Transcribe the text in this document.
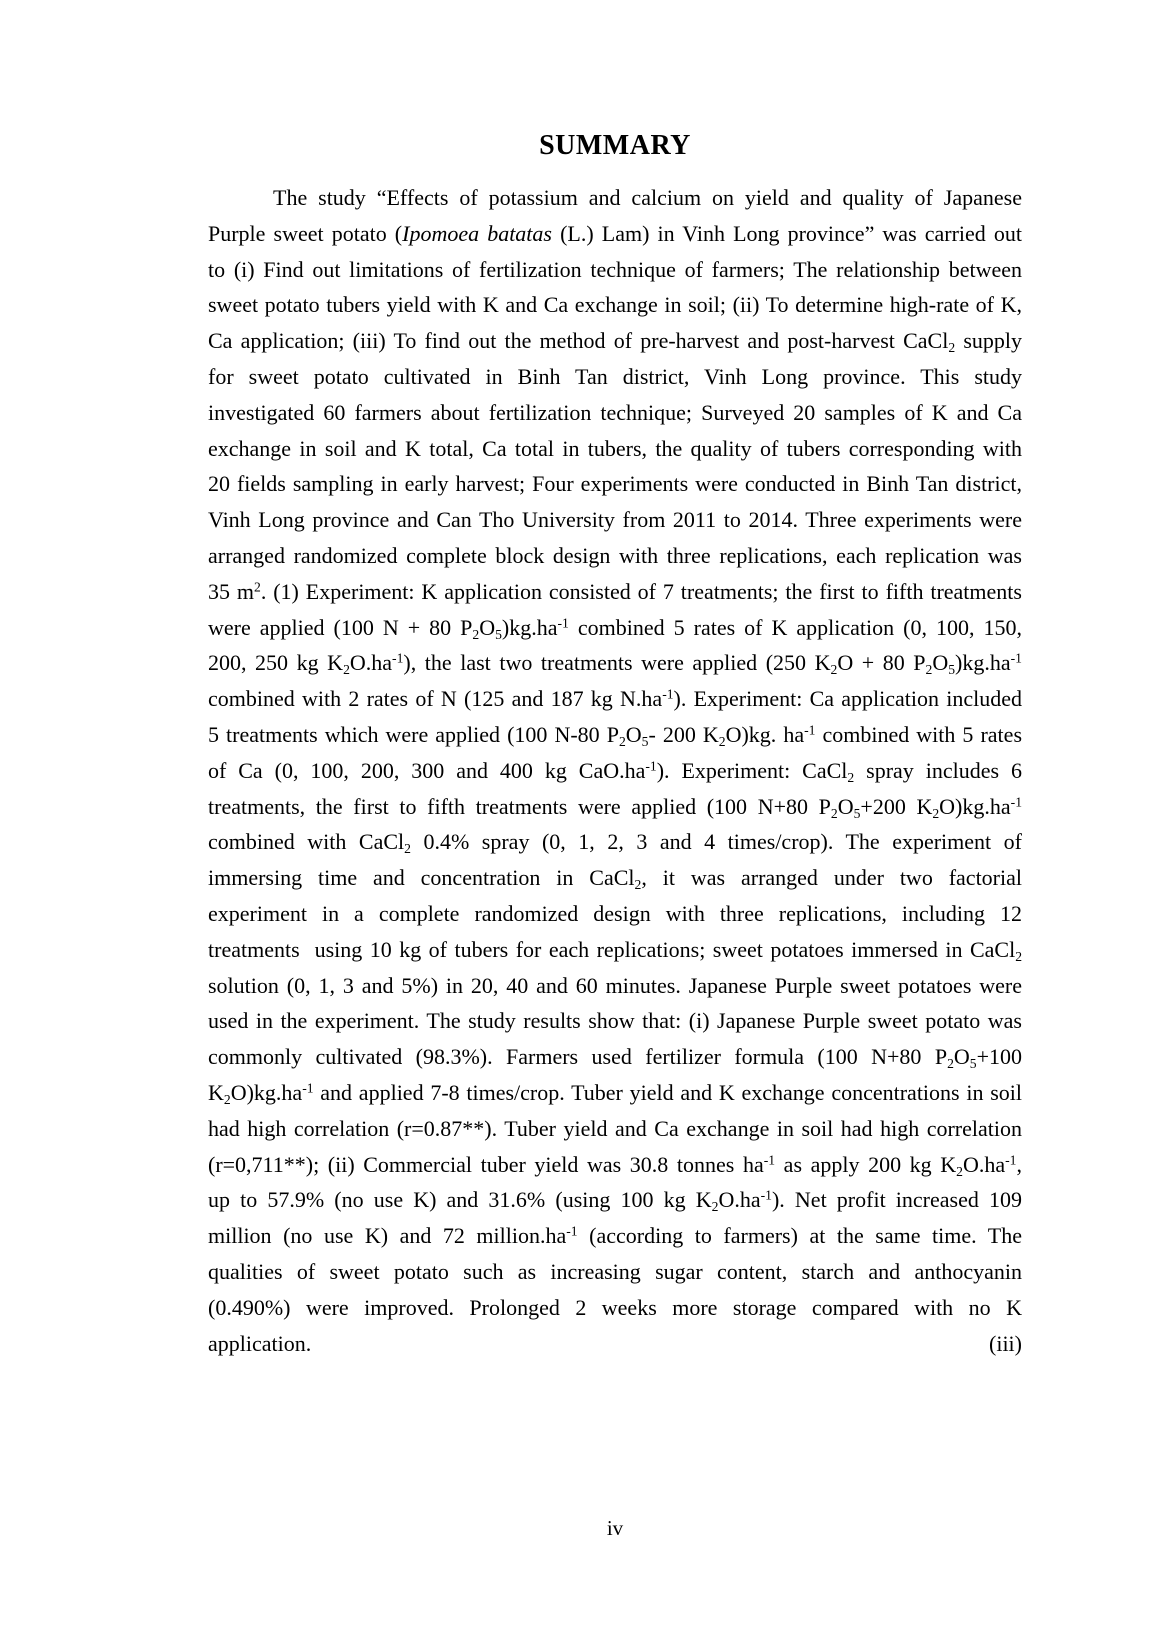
SUMMARY

The study “Effects of potassium and calcium on yield and quality of Japanese Purple sweet potato (Ipomoea batatas (L.) Lam) in Vinh Long province” was carried out to (i) Find out limitations of fertilization technique of farmers; The relationship between sweet potato tubers yield with K and Ca exchange in soil; (ii) To determine high-rate of K, Ca application; (iii) To find out the method of pre-harvest and post-harvest CaCl$_2$ supply for sweet potato cultivated in Binh Tan district, Vinh Long province. This study investigated 60 farmers about fertilization technique; Surveyed 20 samples of K and Ca exchange in soil and K total, Ca total in tubers, the quality of tubers corresponding with 20 fields sampling in early harvest; Four experiments were conducted in Binh Tan district, Vinh Long province and Can Tho University from 2011 to 2014. Three experiments were arranged randomized complete block design with three replications, each replication was 35 $m^2$. (1) Experiment: K application consisted of 7 treatments; the first to fifth treatments were applied (100 N + 80 $P_2O_5)kg.ha^{-1}$ combined 5 rates of K application (0, 100, 150, 200, 250 kg $K_2O.ha^{-1}$), the last two treatments were applied (250 $K_2O + 80$ $P_2O_5)kg.ha^{-1}$ combined with 2 rates of N (125 and 187 kg $N.ha^{-1}$). Experiment: Ca application included 5 treatments which were applied (100 N-80 $P_2O_5-$ 200 $K_2O)kg$. $ha^{-1}$ combined with 5 rates of Ca (0, 100, 200, 300 and 400 kg $CaO.ha^{-1}$). Experiment: CaCl$_2$ spray includes 6 treatments, the first to fifth treatments were applied (100 N+80 $P_2O_5+200$ $K_2O)kg.ha^{-1}$ combined with CaCl$_2$ 0.4% spray (0, 1, 2, 3 and 4 times/crop). The experiment of immersing time and concentration in CaCl$_2$, it was arranged under two factorial experiment in a complete randomized design with three replications, including 12 treatments  using 10 kg of tubers for each replications; sweet potatoes immersed in CaCl$_2$ solution (0, 1, 3 and 5%) in 20, 40 and 60 minutes. Japanese Purple sweet potatoes were used in the experiment. The study results show that: (i) Japanese Purple sweet potato was commonly cultivated (98.3%). Farmers used fertilizer formula (100 N+80 $P_2O_5+100$ $K_2O)kg.ha^{-1}$ and applied 7-8 times/crop. Tuber yield and K exchange concentrations in soil had high correlation (r=0.87**). Tuber yield and Ca exchange in soil had high correlation (r=0,711**); (ii) Commercial tuber yield was 30.8 tonnes $ha^{-1}$ as apply 200 kg $K_2O.ha^{-1}$, up to 57.9% (no use K) and 31.6% (using 100 kg $K_2O.ha^{-1}$). Net profit increased 109 million (no use K) and 72 $million.ha^{-1}$ (according to farmers) at the same time. The qualities of sweet potato such as increasing sugar content, starch and anthocyanin (0.490%) were improved. Prolonged 2 weeks more storage compared with no K application. (iii)

iv
